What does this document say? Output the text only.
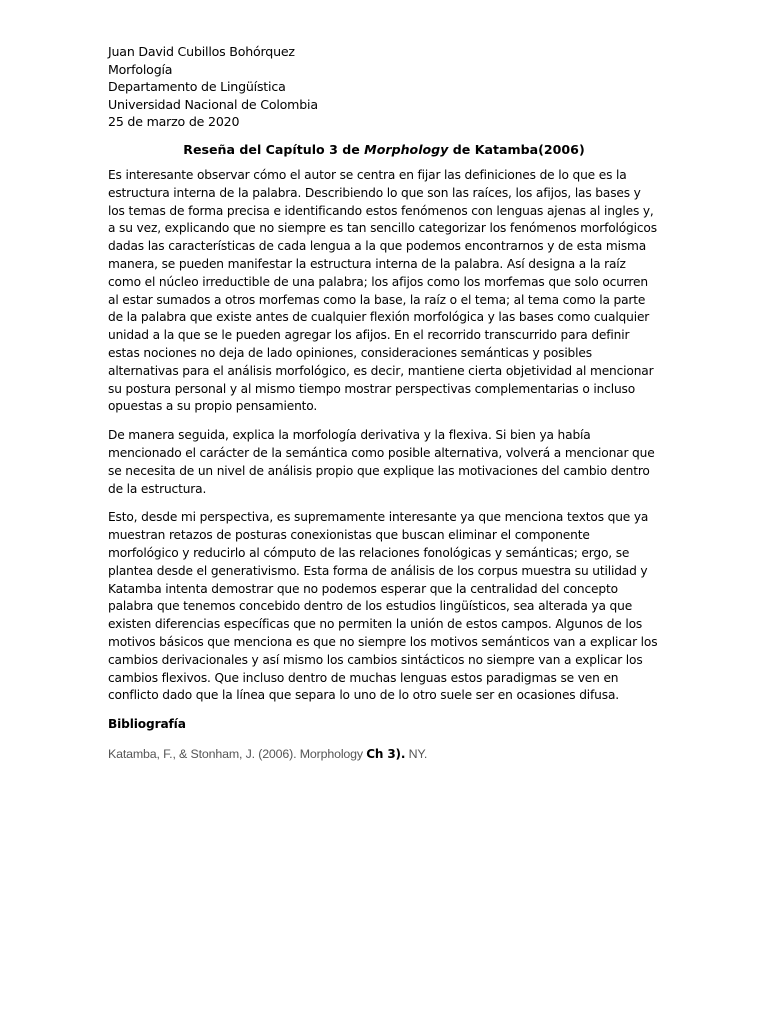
Juan David Cubillos Bohórquez
Morfología
Departamento de Lingüística
Universidad Nacional de Colombia
25 de marzo de 2020
Reseña del Capítulo 3 de Morphology de Katamba(2006)

Es interesante observar cómo el autor se centra en fijar las definiciones de lo que es la estructura interna de la palabra. Describiendo lo que son las raíces, los afijos, las bases y los temas de forma precisa e identificando estos fenómenos con lenguas ajenas al ingles y, a su vez, explicando que no siempre es tan sencillo categorizar los fenómenos morfológicos dadas las características de cada lengua a la que podemos encontrarnos y de esta misma manera, se pueden manifestar la estructura interna de la palabra. Así designa a la raíz como el núcleo irreductible de una palabra; los afijos como los morfemas que solo ocurren al estar sumados a otros morfemas como la base, la raíz o el tema; al tema como la parte de la palabra que existe antes de cualquier flexión morfológica y las bases como cualquier unidad a la que se le pueden agregar los afijos. En el recorrido transcurrido para definir estas nociones no deja de lado opiniones, consideraciones semánticas y posibles alternativas para el análisis morfológico, es decir, mantiene cierta objetividad al mencionar su postura personal y al mismo tiempo mostrar perspectivas complementarias o incluso opuestas a su propio pensamiento.

De manera seguida, explica la morfología derivativa y la flexiva. Si bien ya había mencionado el carácter de la semántica como posible alternativa, volverá a mencionar que se necesita de un nivel de análisis propio que explique las motivaciones del cambio dentro de la estructura.

Esto, desde mi perspectiva, es supremamente interesante ya que menciona textos que ya muestran retazos de posturas conexionistas que buscan eliminar el componente morfológico y reducirlo al cómputo de las relaciones fonológicas y semánticas; ergo, se plantea desde el generativismo. Esta forma de análisis de los corpus muestra su utilidad y Katamba intenta demostrar que no podemos esperar que la centralidad del concepto palabra que tenemos concebido dentro de los estudios lingüísticos, sea alterada ya que existen diferencias específicas que no permiten la unión de estos campos. Algunos de los motivos básicos que menciona es que no siempre los motivos semánticos van a explicar los cambios derivacionales y así mismo los cambios sintácticos no siempre van a explicar los cambios flexivos. Que incluso dentro de muchas lenguas estos paradigmas se ven en conflicto dado que la línea que separa lo uno de lo otro suele ser en ocasiones difusa.

Bibliografía
Katamba, F., & Stonham, J. (2006). Morphology Ch 3). NY.
